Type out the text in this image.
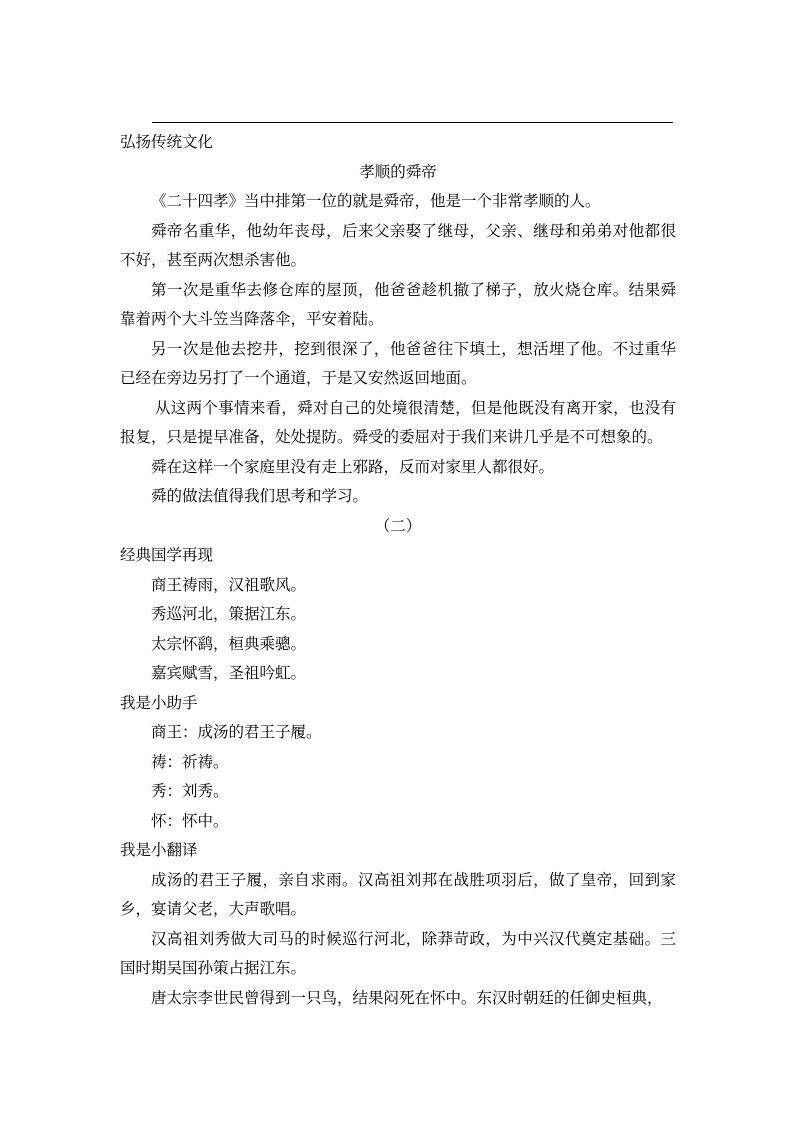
弘扬传统文化
孝顺的舜帝
《二十四孝》当中排第一位的就是舜帝，他是一个非常孝顺的人。
舜帝名重华，他幼年丧母，后来父亲娶了继母，父亲、继母和弟弟对他都很不好，甚至两次想杀害他。
第一次是重华去修仓库的屋顶，他爸爸趁机撤了梯子，放火烧仓库。结果舜靠着两个大斗笠当降落伞，平安着陆。
另一次是他去挖井，挖到很深了，他爸爸往下填土，想活埋了他。不过重华已经在旁边另打了一个通道，于是又安然返回地面。
从这两个事情来看，舜对自己的处境很清楚，但是他既没有离开家，也没有报复，只是提早准备，处处提防。舜受的委屈对于我们来讲几乎是不可想象的。
舜在这样一个家庭里没有走上邪路，反而对家里人都很好。
舜的做法值得我们思考和学习。
（二）
经典国学再现
商王祷雨，汉祖歌风。
秀巡河北，策据江东。
太宗怀鹞，桓典乘骢。
嘉宾赋雪，圣祖吟虹。
我是小助手
商王：成汤的君王子履。
祷：祈祷。
秀：刘秀。
怀：怀中。
我是小翻译
成汤的君王子履，亲自求雨。汉高祖刘邦在战胜项羽后，做了皇帝，回到家乡，宴请父老，大声歌唱。
汉高祖刘秀做大司马的时候巡行河北，除莽苛政，为中兴汉代奠定基础。三国时期吴国孙策占据江东。
唐太宗李世民曾得到一只鸟，结果闷死在怀中。东汉时朝廷的任御史桓典，
